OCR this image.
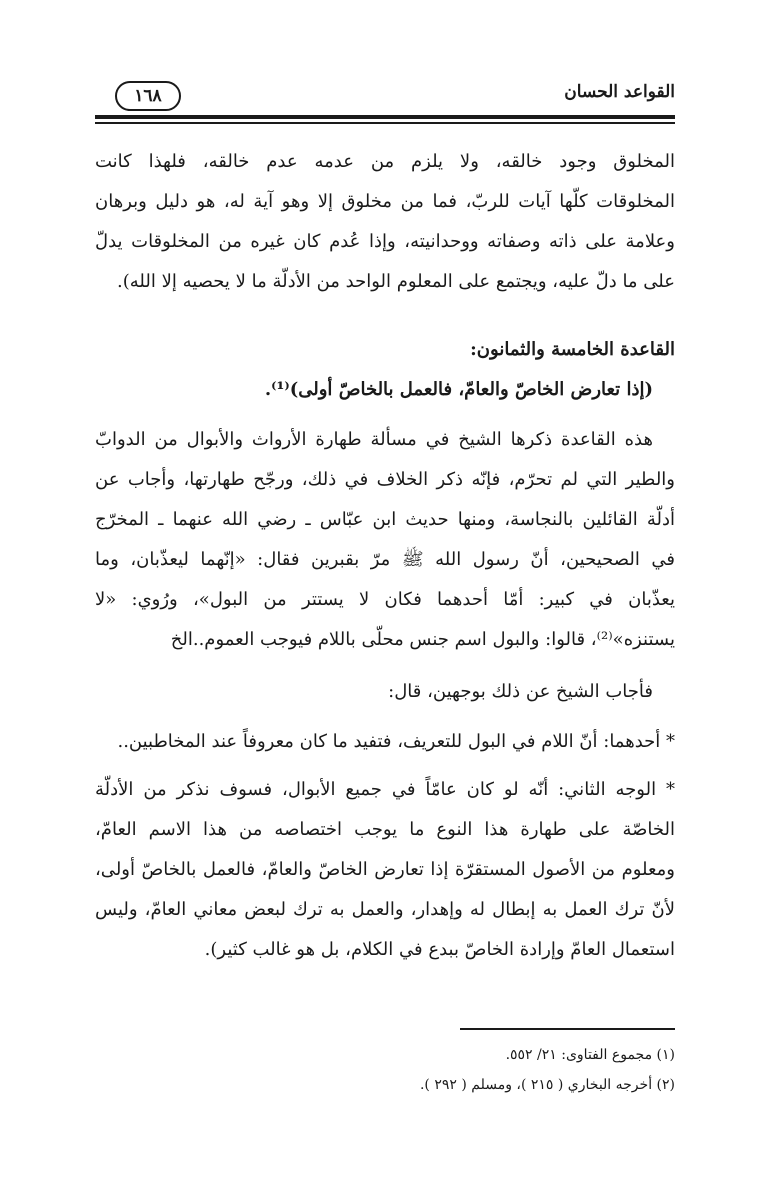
القواعد الحسان
١٦٨
المخلوق وجود خالقه، ولا يلزم من عدمه عدم خالقه، فلهذا كانت
المخلوقات كلّها آيات للربّ، فما من مخلوق إلا وهو آية له، هو دليل وبرهان
وعلامة على ذاته وصفاته ووحدانيته، وإذا عُدم كان غيره من المخلوقات يدلّ
على ما دلّ عليه، ويجتمع على المعلوم الواحد من الأدلّة ما لا يحصيه إلا الله).
القاعدة الخامسة والثمانون:
(إذا تعارض الخاصّ والعامّ، فالعمل بالخاصّ أولى)⁽¹⁾.
هذه القاعدة ذكرها الشيخ في مسألة طهارة الأرواث والأبوال من الدوابّ
والطير التي لم تحرّم، فإنّه ذكر الخلاف في ذلك، ورجّح طهارتها، وأجاب عن
أدلّة القائلين بالنجاسة، ومنها حديث ابن عبّاس ـ رضي الله عنهما ـ المخرّج
في الصحيحين، أنّ رسول الله ﷺ مرّ بقبرين فقال: «إنّهما ليعذّبان، وما
يعذّبان في كبير: أمّا أحدهما فكان لا يستتر من البول»، ورُوي: «لا
يستنزه»⁽²⁾، قالوا: والبول اسم جنس محلّى باللام فيوجب العموم..الخ
فأجاب الشيخ عن ذلك بوجهين، قال:
* أحدهما: أنّ اللام في البول للتعريف، فتفيد ما كان معروفاً عند المخاطبين..
* الوجه الثاني: أنّه لو كان عامّاً في جميع الأبوال، فسوف نذكر من الأدلّة
الخاصّة على طهارة هذا النوع ما يوجب اختصاصه من هذا الاسم العامّ،
ومعلوم من الأصول المستقرّة إذا تعارض الخاصّ والعامّ، فالعمل بالخاصّ أولى،
لأنّ ترك العمل به إبطال له وإهدار، والعمل به ترك لبعض معاني العامّ، وليس
استعمال العامّ وإرادة الخاصّ ببدع في الكلام، بل هو غالب كثير).
(١) مجموع الفتاوى: ٢١/ ٥٥٢.
(٢) أخرجه البخاري ( ٢١٥ )، ومسلم ( ٢٩٢ ).
